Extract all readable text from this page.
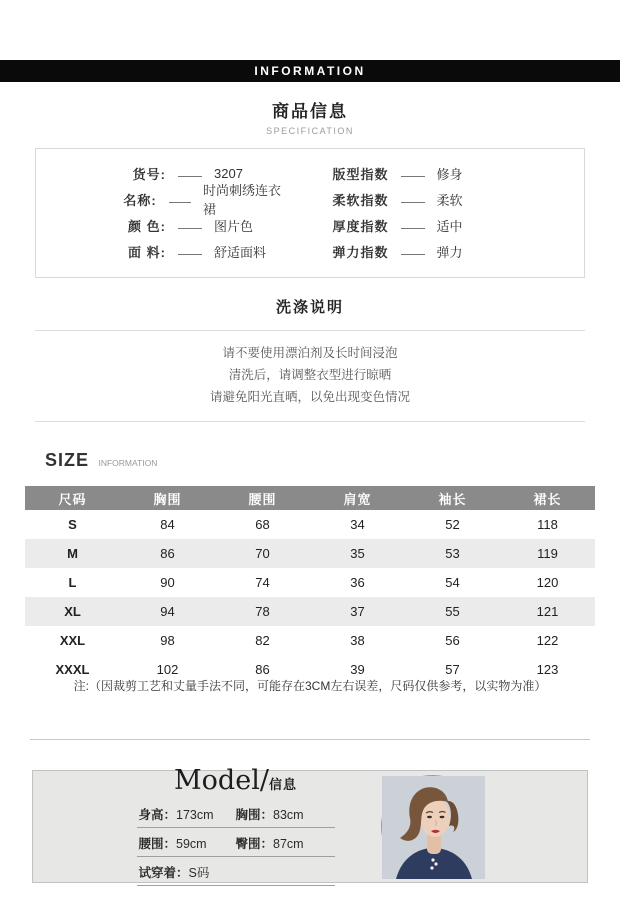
INFORMATION
商品信息
SPECIFICATION
货号:	3207
名称:
时尚刺绣连衣裙
颜 色:	图片色
面 料:	舒适面料
版型指数	修身
柔软指数	柔软
厚度指数	适中
弹力指数	弹力
洗涤说明
请不要使用漂泊剂及长时间浸泡
清洗后，请调整衣型进行晾晒
请避免阳光直晒，以免出现变色情况
SIZE INFORMATION
尺码	胸围	腰围	肩宽	袖长	裙长
S	84	68	34	52	118
M	86	70	35	53	119
L	90	74	36	54	120
XL	94	78	37	55	121
XXL	98	82	38	56	122
XXXL	102	86	39	57	123
注:（因裁剪工艺和丈量手法不同，可能存在3CM左右误差，尺码仅供参考，以实物为准）
Model/信息
身高：173cm	胸围：83cm
腰围：59cm	臀围：87cm
试穿着：S码
